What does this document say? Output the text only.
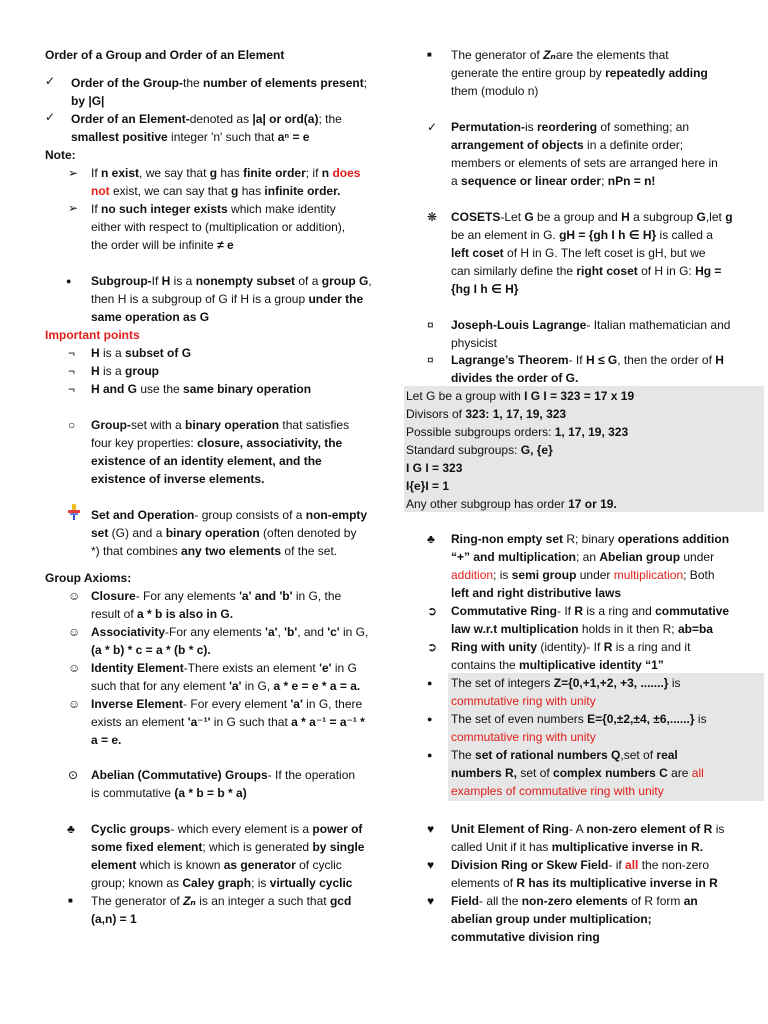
Order of a Group and Order of an Element
✓ Order of the Group-the number of elements present;
by |G|
✓ Order of an Element-denoted as |a| or ord(a); the
smallest positive integer 'n' such that aⁿ = e
Note:
➢ If n exist, we say that g has finite order; if n does
not exist, we can say that g has infinite order.
➢ If no such integer exists which make identity
either with respect to (multiplication or addition),
the order will be infinite ≠ e
● Subgroup-If H is a nonempty subset of a group G,
then H is a subgroup of G if H is a group under the
same operation as G
Important points
¬ H is a subset of G
¬ H is a group
¬ H and G use the same binary operation
○ Group-set with a binary operation that satisfies
four key properties: closure, associativity, the
existence of an identity element, and the
existence of inverse elements.
Set and Operation- group consists of a non-empty
set (G) and a binary operation (often denoted by
*) that combines any two elements of the set.
Group Axioms:
☺ Closure- For any elements 'a' and 'b' in G, the
result of a * b is also in G.
☺ Associativity-For any elements 'a', 'b', and 'c' in G,
(a * b) * c = a * (b * c).
☺ Identity Element-There exists an element 'e' in G
such that for any element 'a' in G, a * e = e * a = a.
☺ Inverse Element- For every element 'a' in G, there
exists an element 'a⁻¹' in G such that a * a⁻¹ = a⁻¹ *
a = e.
⊙ Abelian (Commutative) Groups- If the operation
is commutative (a * b = b * a)
♣ Cyclic groups- which every element is a power of
some fixed element; which is generated by single
element which is known as generator of cyclic
group; known as Caley graph; is virtually cyclic
■ The generator of Zₙ is an integer a such that gcd
(a,n) = 1
■ The generator of Zₙare the elements that
generate the entire group by repeatedly adding
them (modulo n)
✓ Permutation-is reordering of something; an
arrangement of objects in a definite order;
members or elements of sets are arranged here in
a sequence or linear order; nPn = n!
❋ COSETS-Let G be a group and H a subgroup G,let g
be an element in G. gH = {gh I h ∈ H} is called a
left coset of H in G. The left coset is gH, but we
can similarly define the right coset of H in G: Hg =
{hg I h ∈ H}
¤ Joseph-Louis Lagrange- Italian mathematician and
physicist
¤ Lagrange’s Theorem- If H ≤ G, then the order of H
divides the order of G.
Let G be a group with I G I = 323 = 17 x 19
Divisors of 323: 1, 17, 19, 323
Possible subgroups orders: 1, 17, 19, 323
Standard subgroups: G, {e}
I G I = 323
I{e}I = 1
Any other subgroup has order 17 or 19.
♣ Ring-non empty set R; binary operations addition
“+” and multiplication; an Abelian group under
addition; is semi group under multiplication; Both
left and right distributive laws
➲ Commutative Ring- If R is a ring and commutative
law w.r.t multiplication holds in it then R; ab=ba
➲ Ring with unity (identity)- If R is a ring and it
contains the multiplicative identity “1”
● The set of integers Z={0,+1,+2, +3, .......} is
commutative ring with unity
● The set of even numbers E={0,±2,±4, ±6,......} is
commutative ring with unity
● The set of rational numbers Q,set of real
numbers R, set of complex numbers C are all
examples of commutative ring with unity
♥ Unit Element of Ring- A non-zero element of R is
called Unit if it has multiplicative inverse in R.
♥ Division Ring or Skew Field- if all the non-zero
elements of R has its multiplicative inverse in R
♥ Field- all the non-zero elements of R form an
abelian group under multiplication;
commutative division ring
